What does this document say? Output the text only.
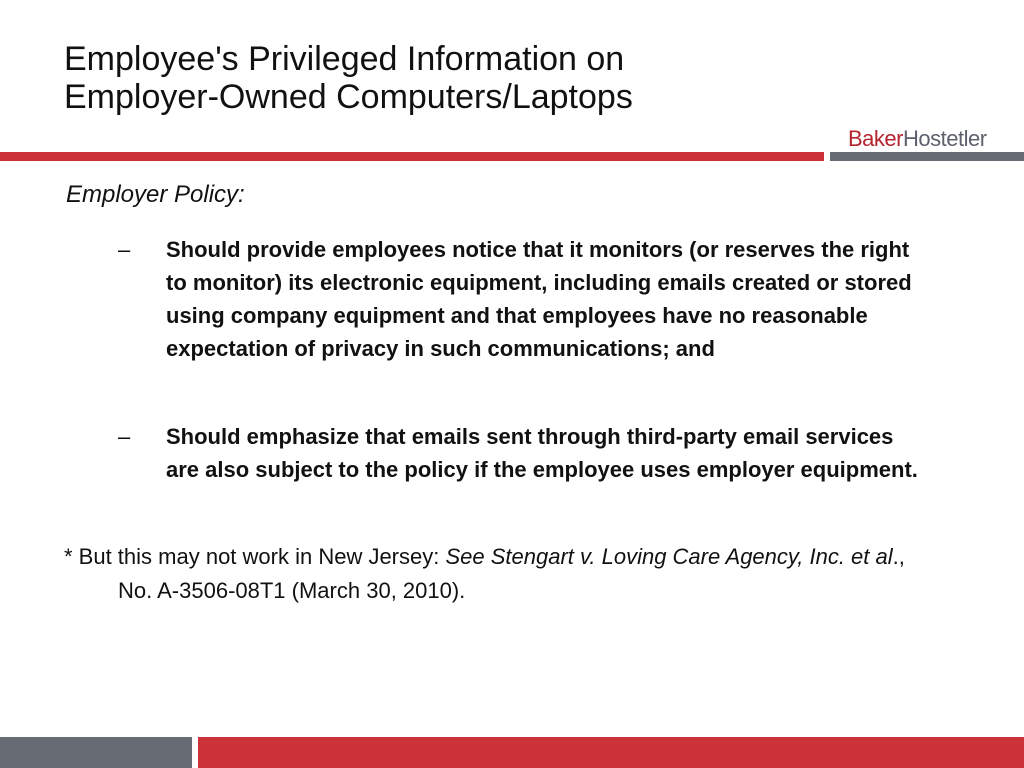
Employee's Privileged Information on
Employer-Owned Computers/Laptops
BakerHostetler
Employer Policy:
–	Should provide employees notice that it monitors (or reserves the right to monitor) its electronic equipment, including emails created or stored using company equipment and that employees have no reasonable expectation of privacy in such communications; and
–	Should emphasize that emails sent through third-party email services are also subject to the policy if the employee uses employer equipment.
* But this may not work in New Jersey: See Stengart v. Loving Care Agency, Inc. et al., No. A-3506-08T1 (March 30, 2010).
